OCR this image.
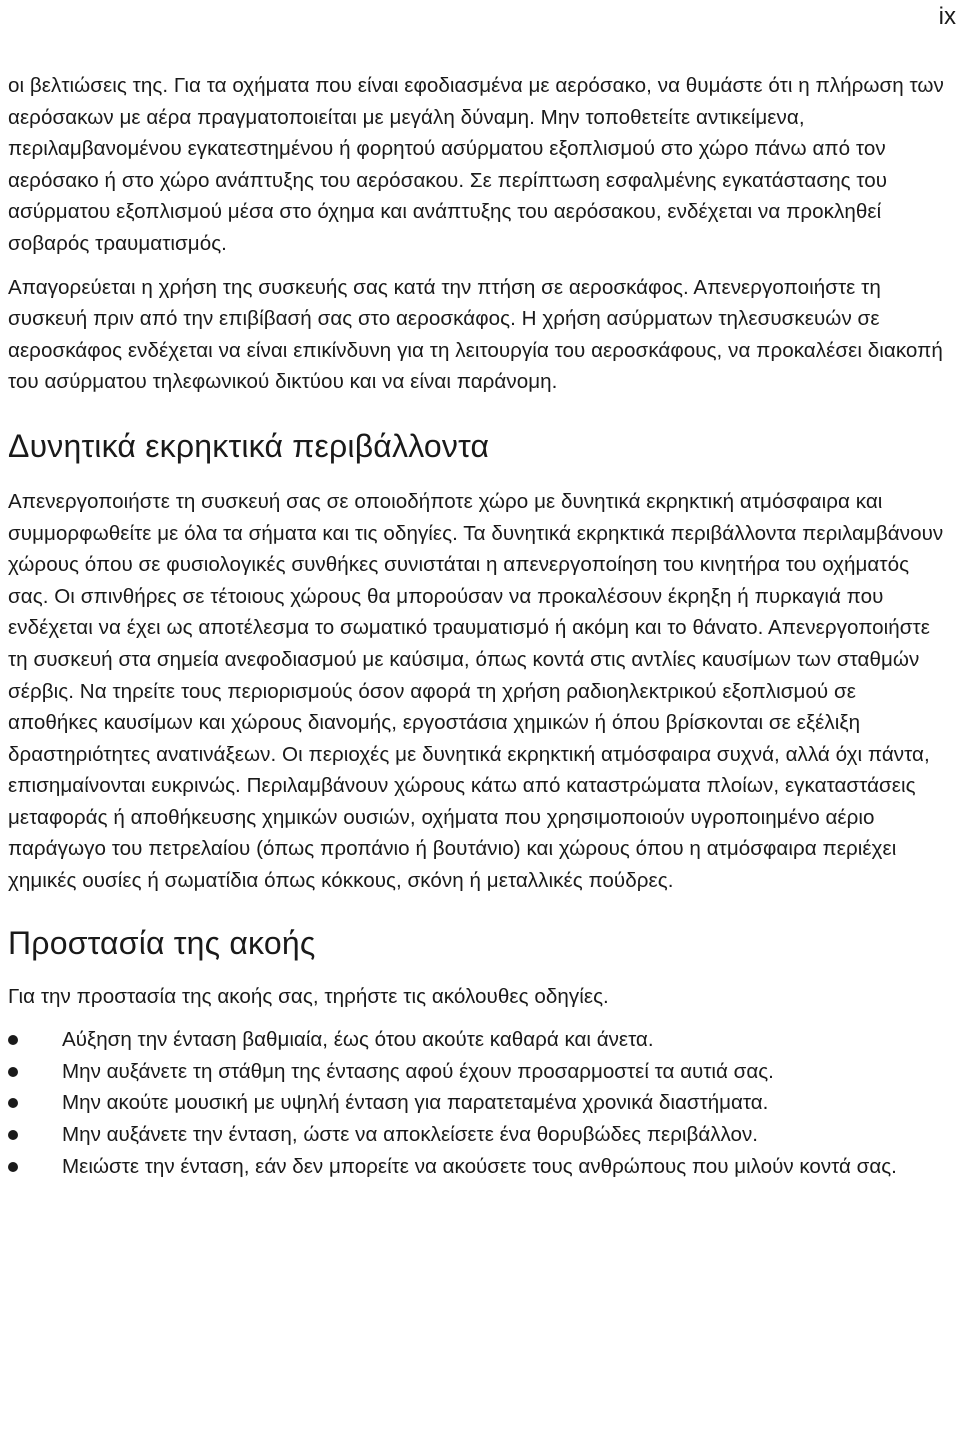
ix

οι βελτιώσεις της. Για τα οχήματα που είναι εφοδιασμένα με αερόσακο, να θυμάστε ότι η πλήρωση των αερόσακων με αέρα πραγματοποιείται με μεγάλη δύναμη. Μην τοποθετείτε αντικείμενα, περιλαμβανομένου εγκατεστημένου ή φορητού ασύρματου εξοπλισμού στο χώρο πάνω από τον αερόσακο ή στο χώρο ανάπτυξης του αερόσακου. Σε περίπτωση εσφαλμένης εγκατάστασης του ασύρματου εξοπλισμού μέσα στο όχημα και ανάπτυξης του αερόσακου, ενδέχεται να προκληθεί σοβαρός τραυματισμός.

Απαγορεύεται η χρήση της συσκευής σας κατά την πτήση σε αεροσκάφος. Απενεργοποιήστε τη συσκευή πριν από την επιβίβασή σας στο αεροσκάφος. Η χρήση ασύρματων τηλεσυσκευών σε αεροσκάφος ενδέχεται να είναι επικίνδυνη για τη λειτουργία του αεροσκάφους, να προκαλέσει διακοπή του ασύρματου τηλεφωνικού δικτύου και να είναι παράνομη.

Δυνητικά εκρηκτικά περιβάλλοντα

Απενεργοποιήστε τη συσκευή σας σε οποιοδήποτε χώρο με δυνητικά εκρηκτική ατμόσφαιρα και συμμορφωθείτε με όλα τα σήματα και τις οδηγίες. Τα δυνητικά εκρηκτικά περιβάλλοντα περιλαμβάνουν χώρους όπου σε φυσιολογικές συνθήκες συνιστάται η απενεργοποίηση του κινητήρα του οχήματός σας. Οι σπινθήρες σε τέτοιους χώρους θα μπορούσαν να προκαλέσουν έκρηξη ή πυρκαγιά που ενδέχεται να έχει ως αποτέλεσμα το σωματικό τραυματισμό ή ακόμη και το θάνατο. Απενεργοποιήστε τη συσκευή στα σημεία ανεφοδιασμού με καύσιμα, όπως κοντά στις αντλίες καυσίμων των σταθμών σέρβις. Να τηρείτε τους περιορισμούς όσον αφορά τη χρήση ραδιοηλεκτρικού εξοπλισμού σε αποθήκες καυσίμων και χώρους διανομής, εργοστάσια χημικών ή όπου βρίσκονται σε εξέλιξη δραστηριότητες ανατινάξεων. Οι περιοχές με δυνητικά εκρηκτική ατμόσφαιρα συχνά, αλλά όχι πάντα, επισημαίνονται ευκρινώς. Περιλαμβάνουν χώρους κάτω από καταστρώματα πλοίων, εγκαταστάσεις μεταφοράς ή αποθήκευσης χημικών ουσιών, οχήματα που χρησιμοποιούν υγροποιημένο αέριο παράγωγο του πετρελαίου (όπως προπάνιο ή βουτάνιο) και χώρους όπου η ατμόσφαιρα περιέχει χημικές ουσίες ή σωματίδια όπως κόκκους, σκόνη ή μεταλλικές πούδρες.

Προστασία της ακοής

Για την προστασία της ακοής σας, τηρήστε τις ακόλουθες οδηγίες.

Αύξηση την ένταση βαθμιαία, έως ότου ακούτε καθαρά και άνετα.
Μην αυξάνετε τη στάθμη της έντασης αφού έχουν προσαρμοστεί τα αυτιά σας.
Μην ακούτε μουσική με υψηλή ένταση για παρατεταμένα χρονικά διαστήματα.
Μην αυξάνετε την ένταση, ώστε να αποκλείσετε ένα θορυβώδες περιβάλλον.
Μειώστε την ένταση, εάν δεν μπορείτε να ακούσετε τους ανθρώπους που μιλούν κοντά σας.
